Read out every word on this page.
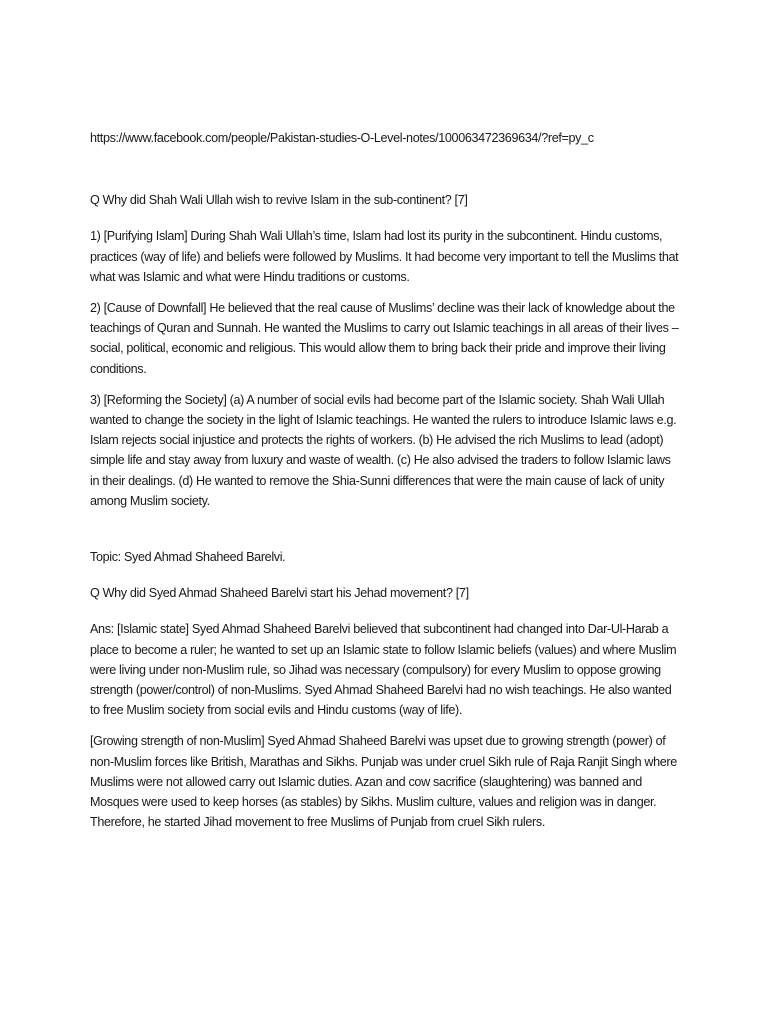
https://www.facebook.com/people/Pakistan-studies-O-Level-notes/100063472369634/?ref=py_c

Q Why did Shah Wali Ullah wish to revive Islam in the sub-continent? [7]

1) [Purifying Islam] During Shah Wali Ullah’s time, Islam had lost its purity in the subcontinent. Hindu customs, practices (way of life) and beliefs were followed by Muslims. It had become very important to tell the Muslims that what was Islamic and what were Hindu traditions or customs.

2) [Cause of Downfall] He believed that the real cause of Muslims’ decline was their lack of knowledge about the teachings of Quran and Sunnah. He wanted the Muslims to carry out Islamic teachings in all areas of their lives – social, political, economic and religious. This would allow them to bring back their pride and improve their living conditions.

3) [Reforming the Society] (a) A number of social evils had become part of the Islamic society. Shah Wali Ullah wanted to change the society in the light of Islamic teachings. He wanted the rulers to introduce Islamic laws e.g. Islam rejects social injustice and protects the rights of workers. (b) He advised the rich Muslims to lead (adopt) simple life and stay away from luxury and waste of wealth. (c) He also advised the traders to follow Islamic laws in their dealings. (d) He wanted to remove the Shia-Sunni differences that were the main cause of lack of unity among Muslim society.

Topic: Syed Ahmad Shaheed Barelvi.

Q Why did Syed Ahmad Shaheed Barelvi start his Jehad movement? [7]

Ans: [Islamic state] Syed Ahmad Shaheed Barelvi believed that subcontinent had changed into Dar-Ul-Harab a place to become a ruler; he wanted to set up an Islamic state to follow Islamic beliefs (values) and where Muslim were living under non-Muslim rule, so Jihad was necessary (compulsory) for every Muslim to oppose growing strength (power/control) of non-Muslims. Syed Ahmad Shaheed Barelvi had no wish teachings. He also wanted to free Muslim society from social evils and Hindu customs (way of life).

[Growing strength of non-Muslim] Syed Ahmad Shaheed Barelvi was upset due to growing strength (power) of non-Muslim forces like British, Marathas and Sikhs. Punjab was under cruel Sikh rule of Raja Ranjit Singh where Muslims were not allowed carry out Islamic duties. Azan and cow sacrifice (slaughtering) was banned and Mosques were used to keep horses (as stables) by Sikhs. Muslim culture, values and religion was in danger. Therefore, he started Jihad movement to free Muslims of Punjab from cruel Sikh rulers.
